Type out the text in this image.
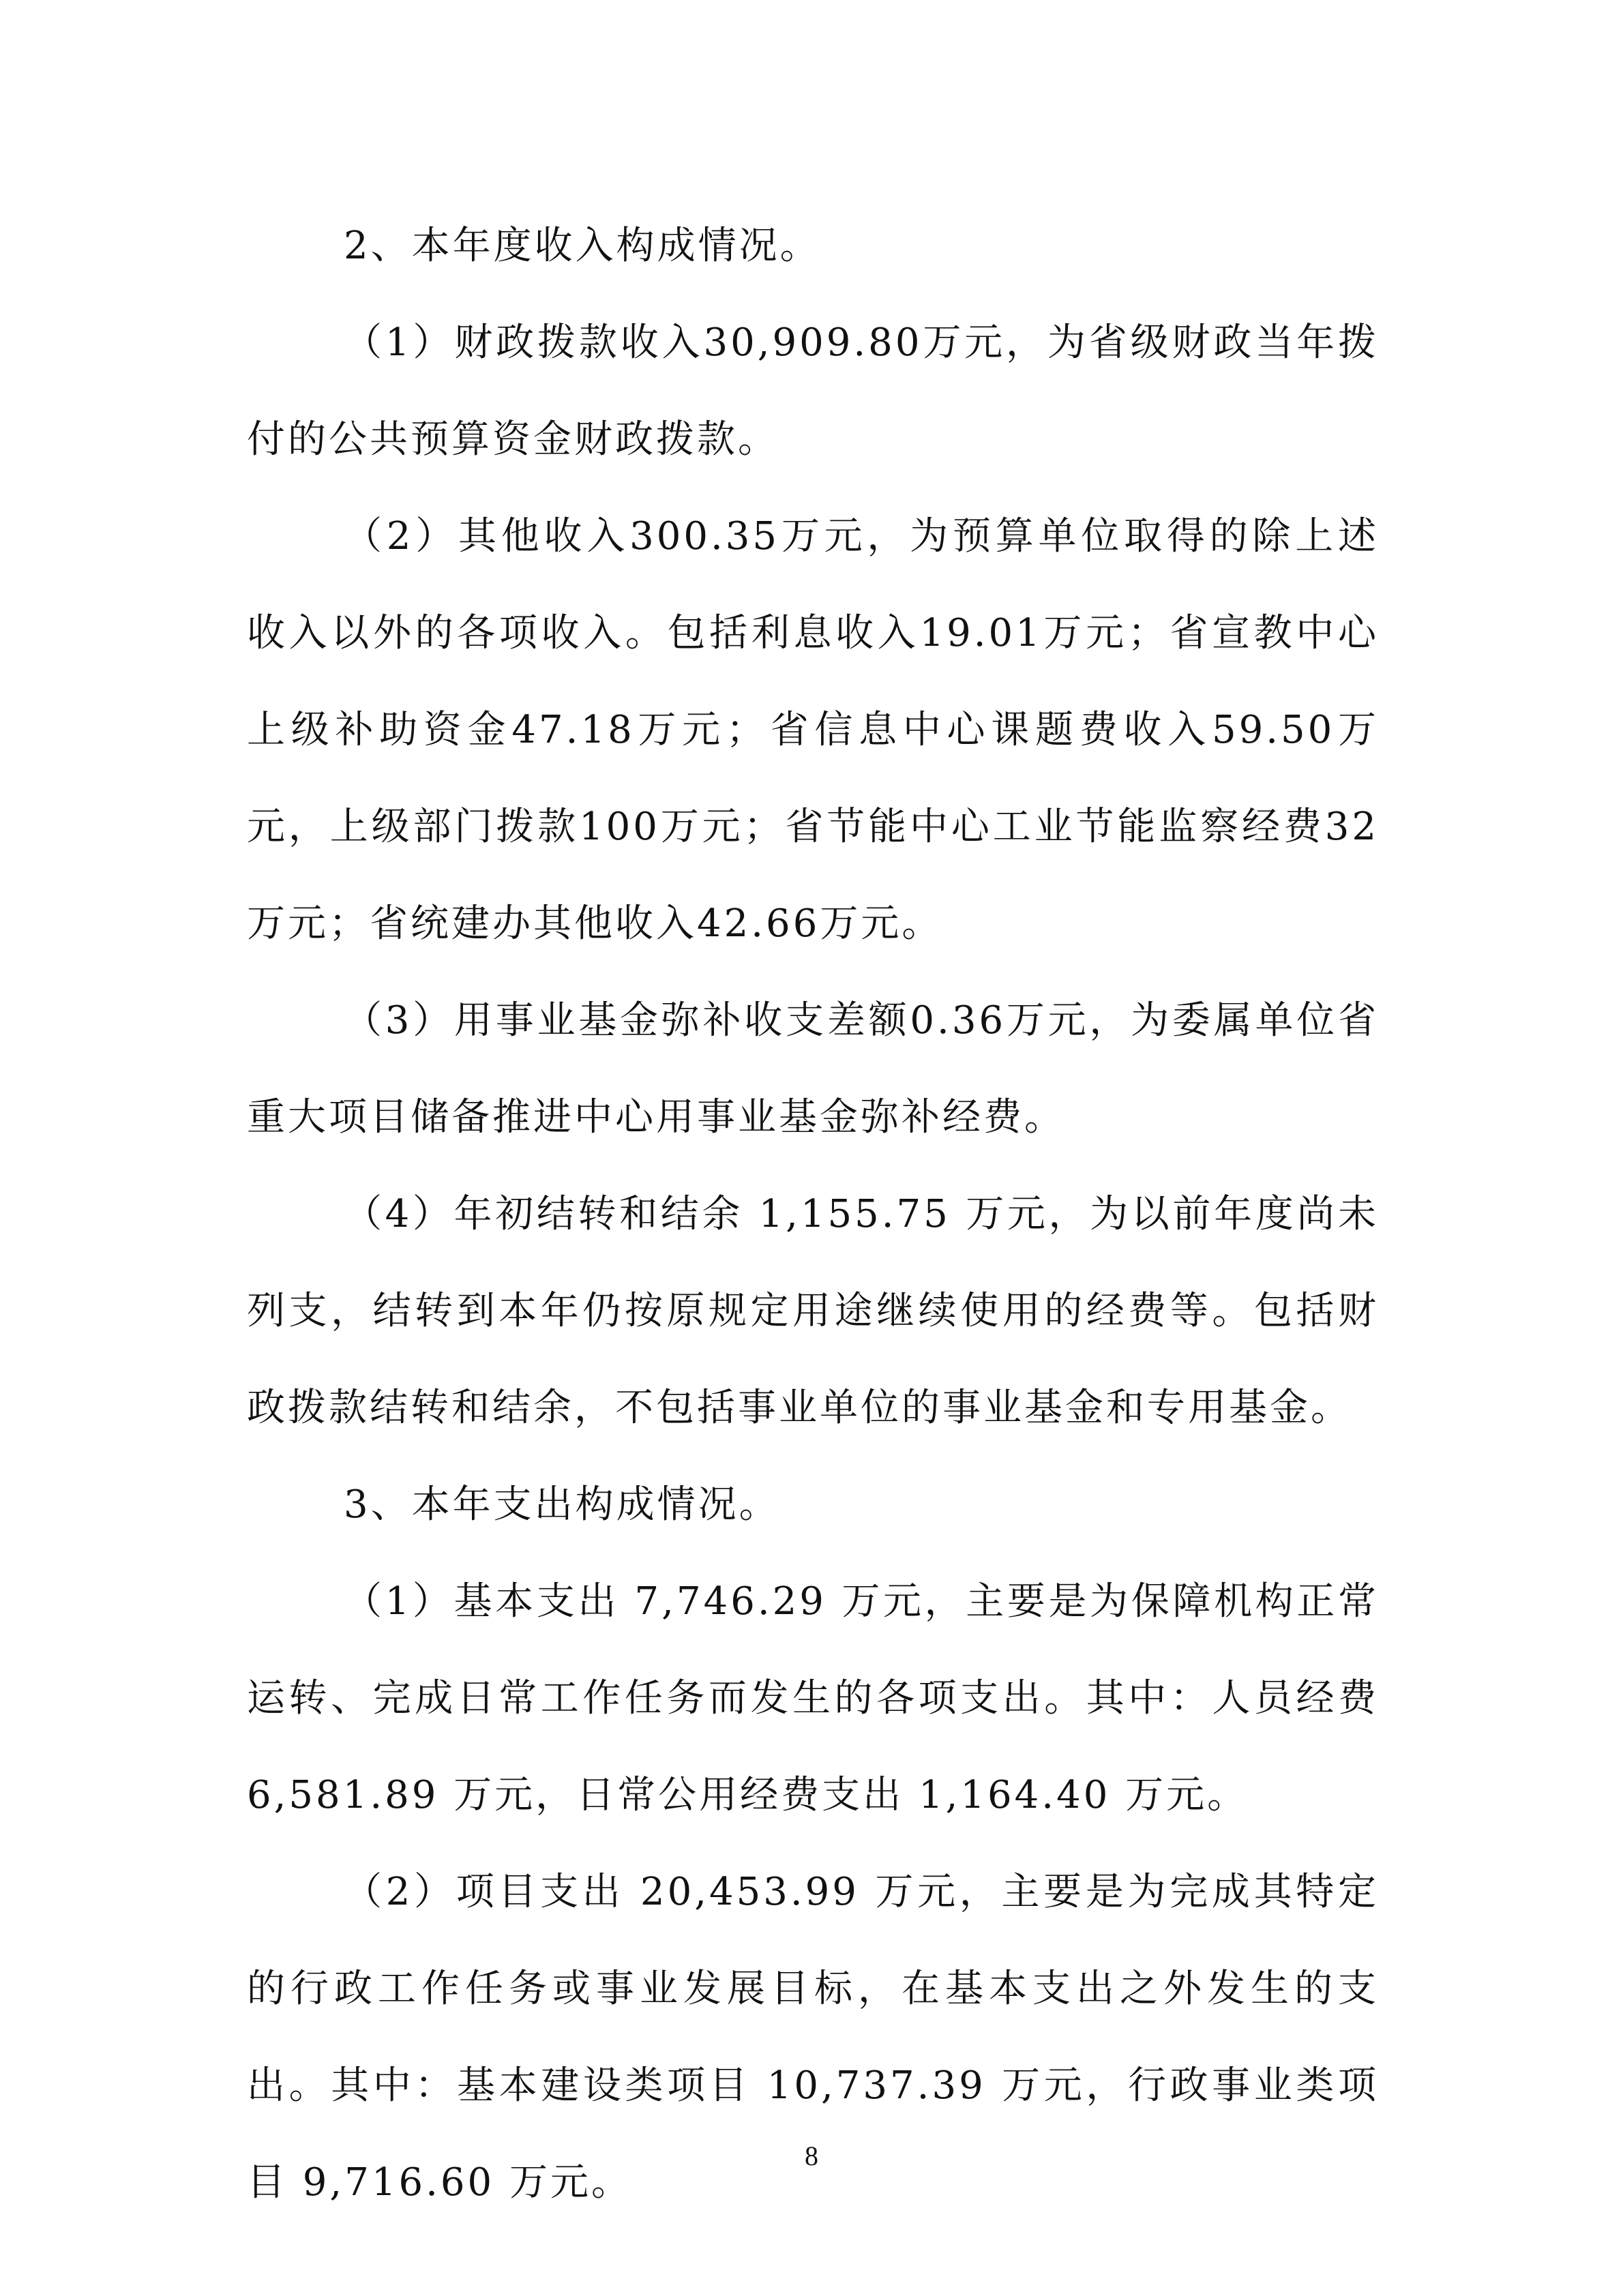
2、本年度收入构成情况。

（1）财政拨款收入30,909.80万元，为省级财政当年拨付的公共预算资金财政拨款。

（2）其他收入300.35万元，为预算单位取得的除上述收入以外的各项收入。包括利息收入19.01万元；省宣教中心上级补助资金47.18万元；省信息中心课题费收入59.50万元，上级部门拨款100万元；省节能中心工业节能监察经费32万元；省统建办其他收入42.66万元。

（3）用事业基金弥补收支差额0.36万元，为委属单位省重大项目储备推进中心用事业基金弥补经费。

（4）年初结转和结余 1,155.75 万元，为以前年度尚未列支，结转到本年仍按原规定用途继续使用的经费等。包括财政拨款结转和结余，不包括事业单位的事业基金和专用基金。

3、本年支出构成情况。

（1）基本支出 7,746.29 万元，主要是为保障机构正常运转、完成日常工作任务而发生的各项支出。其中：人员经费 6,581.89 万元，日常公用经费支出 1,164.40 万元。

（2）项目支出 20,453.99 万元，主要是为完成其特定的行政工作任务或事业发展目标，在基本支出之外发生的支出。其中：基本建设类项目 10,737.39 万元，行政事业类项目 9,716.60 万元。

8
